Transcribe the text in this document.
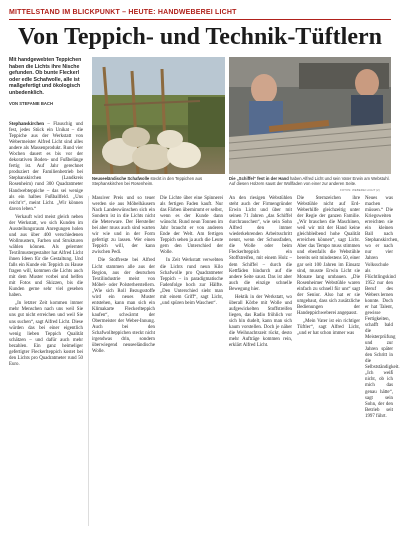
MITTELSTAND IM BLICKPUNKT – HEUTE: HANDWEBEREI LICHT
Von Teppich- und Technik-Tüftlern
Mit handgewebten Teppichen haben die Lichts ihre Nische gefunden. Ob bunte Fleckerl oder edle Schafwolle, alle ist maßgefertigt und ökologisch unbedenklich.
VON STEFANIE BACH
Neuseeländische Schafwolle steckt in den Teppichen aus Stephanskirchen bei Rosenheim.
Die „Schiffel“ fest in der Hand haben Alfred Licht und sein Vater Erwin am Webstuhl. Auf diesen Holzern saust der Wollfaden von einer zur anderen Seite.
FOTOS: WEBEREI LICHT (2)

Stephanskirchen – Flauschig und fest, jedes Stück ein Unikat – die Teppiche aus der Werkstatt von Webermeister Alfred Licht sind alles andere als Massenprodukt. Rund vier Wochen dauert es bis vor der dekorativen Boden- und Fußbelänge fertig ist. Auf Jahr gerechnet produziert der Familienbetrieb bei Stephanskirchen (Landkreis Rosenheim) rund 300 Quadratmeter Handwebteppiche – das sei wenige als ein halbes Fußballfeld. „Uns reicht’s“, meint Licht. „Wir können davon leben.“

Verkauft wird meist gleich neben der Werkstatt, wo sich Kunden im Ausstellungsraum Anregungen holen und aus über 400 verschiedenen Wollmustern, Farben und Strukturen wählen können. Als gelernter Textilmustergestalter hat Alfred Licht ihnen Ideen für die Gestaltung. Und falls ein Kunde ein Teppich zu Hause fragen will, kommen die Lichts auch mit dem Muster vorbei und helfen mit Fotos und Skizzen, bis die Kunden gerne sehr viel gesehen haben.

„In letzter Zeit kommen immer mehr Menschen nach uns weil Sie uns gut nicht erreichen und weil Sie uns suchen“, sagt Alfred Licht. Diese würden das bei einer eigentlich wenig lieben Teppich Qualität schätzen – und dafür auch mehr bezahlen. Ein ganz heimeliger gefertigter Fleckerlteppich kostet bei den Lichts pro Quadratmeter rund 50 Euro.

Massiver Preis und so teuer werden sie aus Möbelhäusern Nach Landeswünschen sich ein Sondern ist in die Lichts nicht die Meterware. Der Hersteller bei aber muss auch sind warten wir wie und in der Form gefertigt zu lassen. Wer einen Teppich will, der kann zwischen Pedi.

Die Stoffreste bei Alfred Licht stammen alle aus der Region, aus der deutschen Textilindustrie meist von Möbel- oder Polsterherstellern. „Wie sich Roll Bezugsstoffe wird ein neues Muster entstehen, kann man sich ein Klimakarte Fleckerlteppich kaufen“, schwärmt der Obermeister der Weber-Innung. Auch bei den Schafwollteppichen steckt nicht irgendwas drin, sondern überwiegend neuseeländische Wolle.

Die Lichte über eine Spinnerei als fertigen Faden kauft. Nur das Färben übernimmt er selbst, wenn es der Kunde dann wünscht. Rund neun Tonnen im Jahr braucht er von anderen Ende der Welt. Am fertigen Teppich sehen ja auch die Leute gern den Unterschied der Wolle.

In Zeit Werkstatt verwebten die Lichts rund neun Kilo Schafwolle pro Quadratmeter Teppich – in paradigmatische Fadenfolge hoch zur Hälfte. „Den Unterschied sieht man mit einem Griff“, sagt Licht, „und spüren beim Waschen“.

An den riesigen Webstühlen steht auch der Firmengründer Erwin Licht und über mit seinen 71 Jahren „das Schiffel durchrauschen“, wie sein Sohn Alfred den immer wiederkehrenden Arbeitsschritt nennt, wenn der Schussfaden, die Wolle oder beim Fleckerlteppich ein Stoffstreifen, mit einem Holz – dem Schiffel – durch die Kettfäden hindurch auf die andere Seite saust. Das ist aber auch die einzige schnelle Bewegung hier.

Hektik in der Werkstatt, wo überall Körbe mit Wolle und aufgewickelten Stoffstreifen liegen, das Radio fröhlich vor sich hin dudelt, kann man sich kaum vorstellen. Doch je näher die Weihnachtszeit rückt, desto mehr Aufträge kommen rein, erklärt Alfred Licht.

Die Sternzeichen ihre Webstühle nicht auf Erd-Weberhilfe gleichzeitig unter der Regie der ganzen Familie. „Wir brauchen die Maschinen, weil wir mit der Hand keine gleichbleibend hohe Qualität erreichen können“, sagt Licht. Aber das Tempo muss stimmen und ebenfalls die Webstühle bereits seit mindestens 50, einer gar seit 100 Jahren im Einsatz sind, musste Erwin Licht sie Monate lang umbauen. „Die Rosenheimer Webstühle waren einfach zu schnell für uns“ sagt der Senior. Also hat er sie umgebaut, dass sich zusätzliche Bedienungen der Handeppichweberei angepasst.

„Mein Vater ist ein richtiger Tüftler“, sagt Alfred Licht, „und er hat schon immer was

Neues was machen müssen.“ Die Kriegsweiten erreichten sie ein kleinen Ball nach Stephanskirchen, wo er nach nur vier Jahren Volksschule als Flüchtlingskind 1952 nur den Beruf des Webers lernen konnte. Doch er hat Talent, gewisse Fertigkeiten, schafft bald die Meisterprüfung und zur Jahren später den Schritt in die Selbstständigkeit. „Ich weiß nicht, ob ich mich das genau hätte“, sagt sein Sohn, der den Betrieb seit 1997 führt.
